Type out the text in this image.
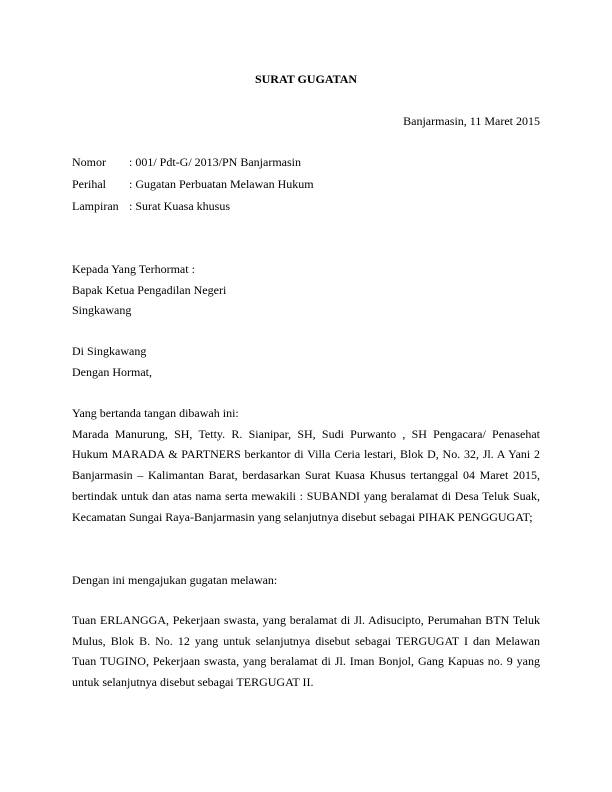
SURAT GUGATAN
Banjarmasin, 11 Maret 2015
Nomor	: 001/ Pdt-G/ 2013/PN Banjarmasin
Perihal	: Gugatan Perbuatan Melawan Hukum
Lampiran : Surat Kuasa khusus
Kepada Yang Terhormat :
Bapak Ketua Pengadilan Negeri
Singkawang
Di Singkawang
Dengan Hormat,
Yang bertanda tangan dibawah ini:
Marada Manurung, SH, Tetty. R. Sianipar, SH, Sudi Purwanto , SH Pengacara/ Penasehat Hukum MARADA & PARTNERS berkantor di Villa Ceria lestari, Blok D, No. 32, Jl. A Yani 2 Banjarmasin – Kalimantan Barat, berdasarkan Surat Kuasa Khusus tertanggal 04 Maret 2015, bertindak untuk dan atas nama serta mewakili : SUBANDI yang beralamat di Desa Teluk Suak, Kecamatan Sungai Raya-Banjarmasin yang selanjutnya disebut sebagai PIHAK PENGGUGAT;
Dengan ini mengajukan gugatan melawan:
Tuan ERLANGGA, Pekerjaan swasta, yang beralamat di Jl. Adisucipto, Perumahan BTN Teluk Mulus, Blok B. No. 12 yang untuk selanjutnya disebut sebagai TERGUGAT I dan Melawan Tuan TUGINO, Pekerjaan swasta, yang beralamat di Jl. Iman Bonjol, Gang Kapuas no. 9 yang untuk selanjutnya disebut sebagai TERGUGAT II.
